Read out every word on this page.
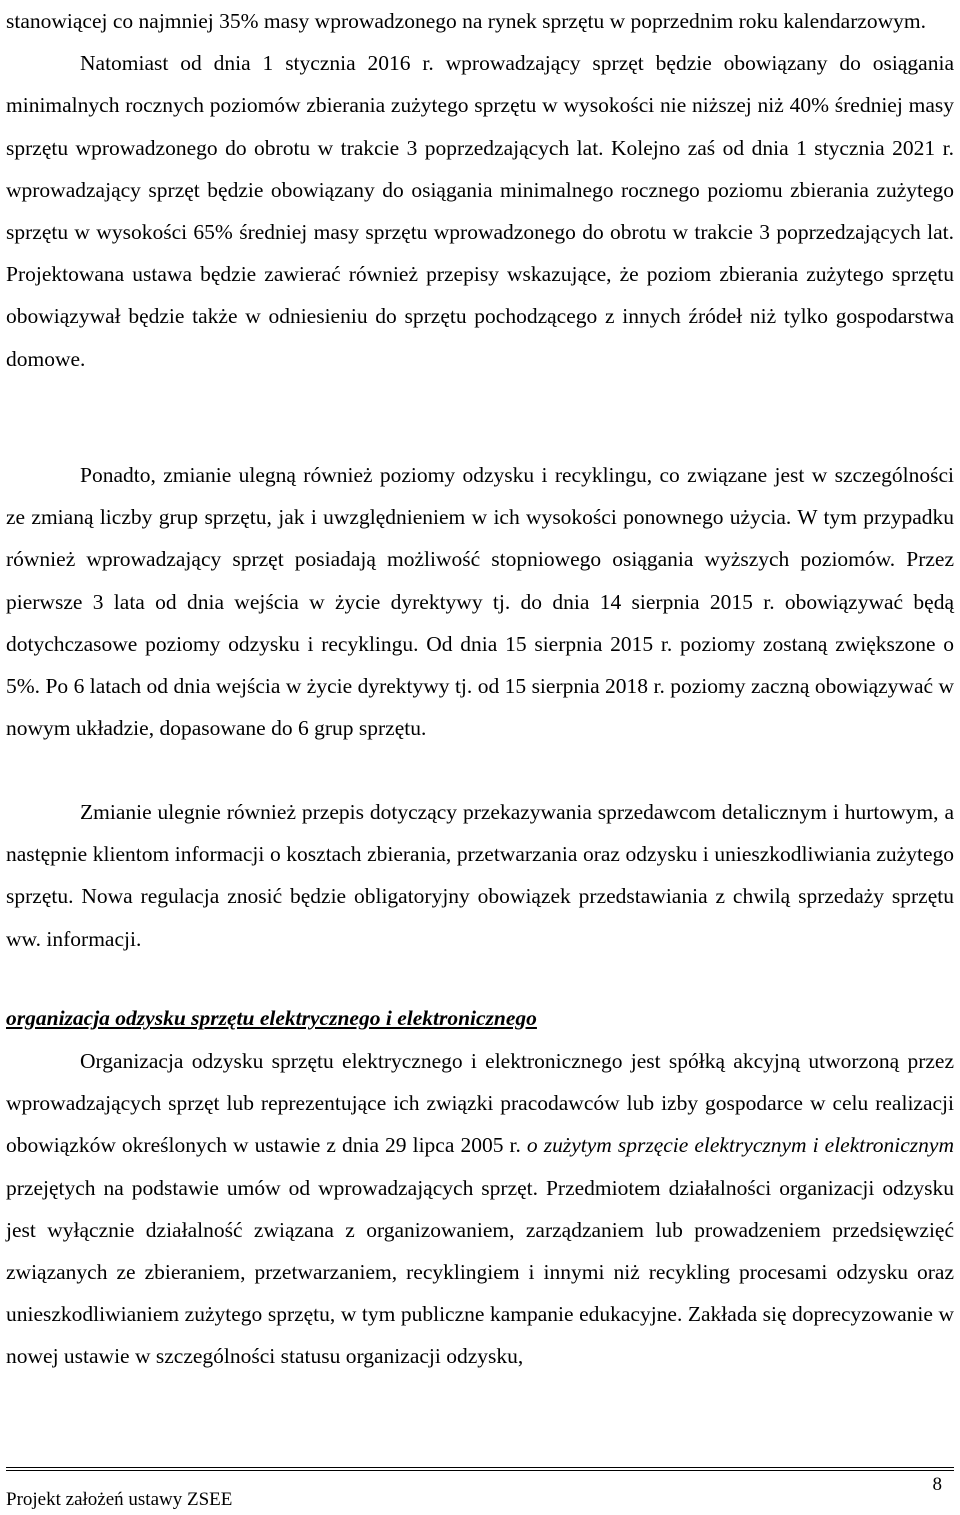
stanowiącej co najmniej 35% masy wprowadzonego na rynek sprzętu w poprzednim roku kalendarzowym.
Natomiast od dnia 1 stycznia 2016 r. wprowadzający sprzęt będzie obowiązany do osiągania minimalnych rocznych poziomów zbierania zużytego sprzętu w wysokości nie niższej niż 40% średniej masy sprzętu wprowadzonego do obrotu w trakcie 3 poprzedzających lat. Kolejno zaś od dnia 1 stycznia 2021 r. wprowadzający sprzęt będzie obowiązany do osiągania minimalnego rocznego poziomu zbierania zużytego sprzętu w wysokości 65% średniej masy sprzętu wprowadzonego do obrotu w trakcie 3 poprzedzających lat. Projektowana ustawa będzie zawierać również przepisy wskazujące, że poziom zbierania zużytego sprzętu obowiązywał będzie także w odniesieniu do sprzętu pochodzącego z innych źródeł niż tylko gospodarstwa domowe.

Ponadto, zmianie ulegną również poziomy odzysku i recyklingu, co związane jest w szczególności ze zmianą liczby grup sprzętu, jak i uwzględnieniem w ich wysokości ponownego użycia. W tym przypadku również wprowadzający sprzęt posiadają możliwość stopniowego osiągania wyższych poziomów. Przez pierwsze 3 lata od dnia wejścia w życie dyrektywy tj. do dnia 14 sierpnia 2015 r. obowiązywać będą dotychczasowe poziomy odzysku i recyklingu. Od dnia 15 sierpnia 2015 r. poziomy zostaną zwiększone o 5%. Po 6 latach od dnia wejścia w życie dyrektywy tj. od 15 sierpnia 2018 r. poziomy zaczną obowiązywać w nowym układzie, dopasowane do 6 grup sprzętu.

Zmianie ulegnie również przepis dotyczący przekazywania sprzedawcom detalicznym i hurtowym, a następnie klientom informacji o kosztach zbierania, przetwarzania oraz odzysku i unieszkodliwiania zużytego sprzętu. Nowa regulacja znosić będzie obligatoryjny obowiązek przedstawiania z chwilą sprzedaży sprzętu ww. informacji.

organizacja odzysku sprzętu elektrycznego i elektronicznego

Organizacja odzysku sprzętu elektrycznego i elektronicznego jest spółką akcyjną utworzoną przez wprowadzających sprzęt lub reprezentujące ich związki pracodawców lub izby gospodarce w celu realizacji obowiązków określonych w ustawie z dnia 29 lipca 2005 r. o zużytym sprzęcie elektrycznym i elektronicznym przejętych na podstawie umów od wprowadzających sprzęt. Przedmiotem działalności organizacji odzysku jest wyłącznie działalność związana z organizowaniem, zarządzaniem lub prowadzeniem przedsięwzięć związanych ze zbieraniem, przetwarzaniem, recyklingiem i innymi niż recykling procesami odzysku oraz unieszkodliwianiem zużytego sprzętu, w tym publiczne kampanie edukacyjne. Zakłada się doprecyzowanie w nowej ustawie w szczególności statusu organizacji odzysku,

Projekt założeń ustawy ZSEE
8
